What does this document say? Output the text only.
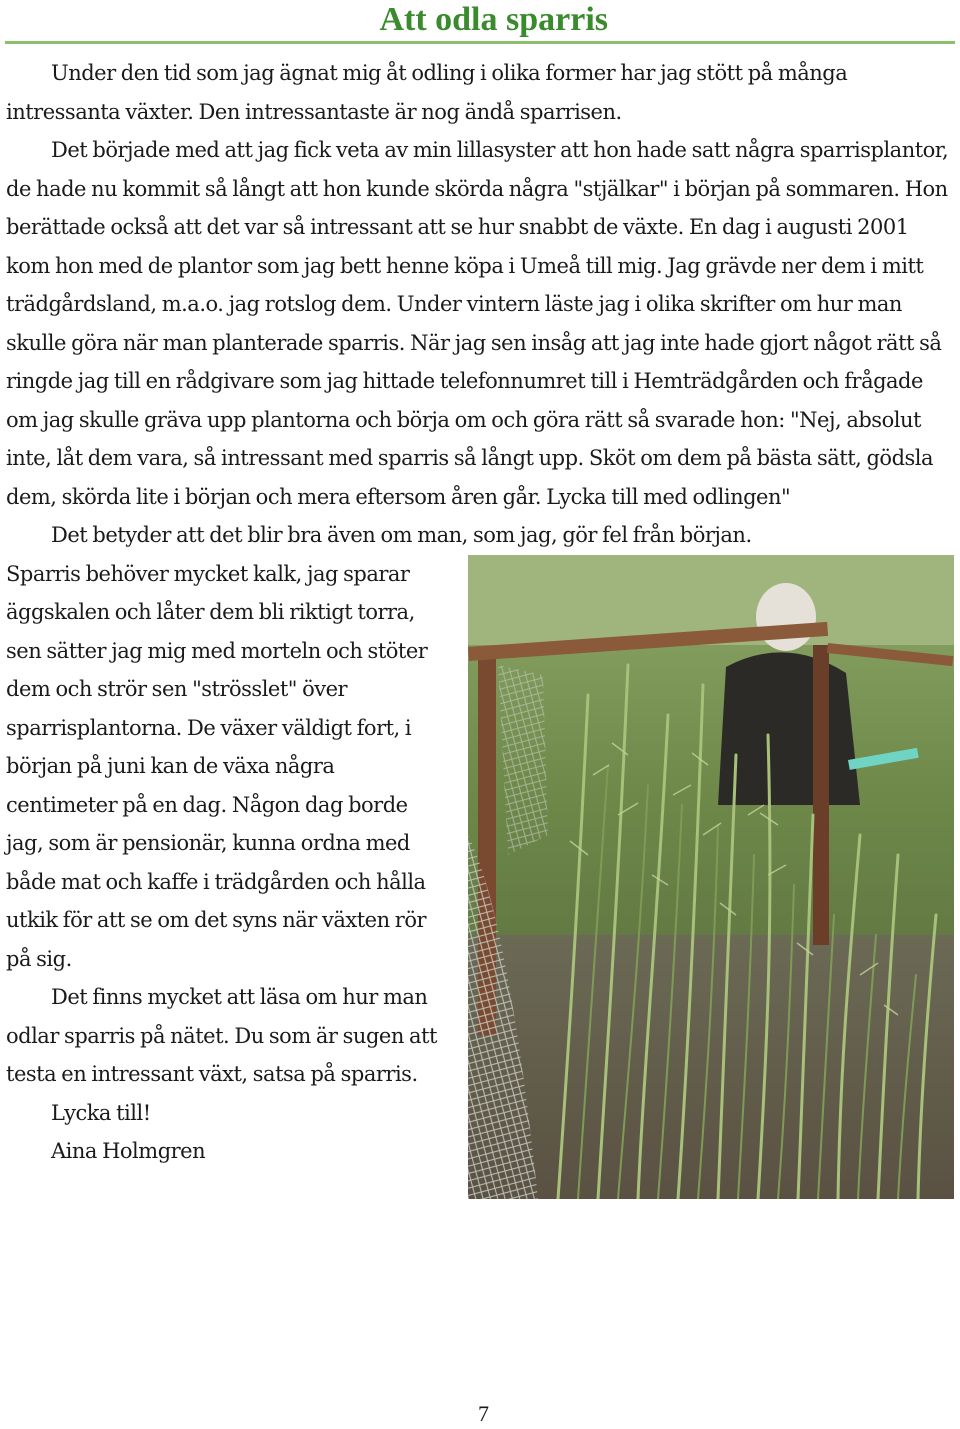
Att odla sparris

Under den tid som jag ägnat mig åt odling i olika former har jag stött på många intressanta växter. Den intressantaste är nog ändå sparrisen.

Det började med att jag fick veta av min lillasyster att hon hade satt några sparrisplantor, de hade nu kommit så långt att hon kunde skörda några "stjälkar" i början på sommaren. Hon berättade också att det var så intressant att se hur snabbt de växte. En dag i augusti 2001 kom hon med de plantor som jag bett henne köpa i Umeå till mig. Jag grävde ner dem i mitt trädgårdsland, m.a.o. jag rotslog dem. Under vintern läste jag i olika skrifter om hur man skulle göra när man planterade sparris. När jag sen insåg att jag inte hade gjort något rätt så ringde jag till en rådgivare som jag hittade telefonnumret till i Hemträdgården och frågade om jag skulle gräva upp plantorna och börja om och göra rätt så svarade hon: "Nej, absolut inte, låt dem vara, så intressant med sparris så långt upp. Sköt om dem på bästa sätt, gödsla dem, skörda lite i början och mera eftersom åren går. Lycka till med odlingen"

Det betyder att det blir bra även om man, som jag, gör fel från början.

Sparris behöver mycket kalk, jag sparar äggskalen och låter dem bli riktigt torra, sen sätter jag mig med morteln och stöter dem och strör sen "strösslet" över sparrisplantorna. De växer väldigt fort, i början på juni kan de växa några centimeter på en dag. Någon dag borde jag, som är pensionär, kunna ordna med både mat och kaffe i trädgården och hålla utkik för att se om det syns när växten rör på sig.

Det finns mycket att läsa om hur man odlar sparris på nätet. Du som är sugen att testa en intressant växt, satsa på sparris.

Lycka till!

Aina Holmgren

7
